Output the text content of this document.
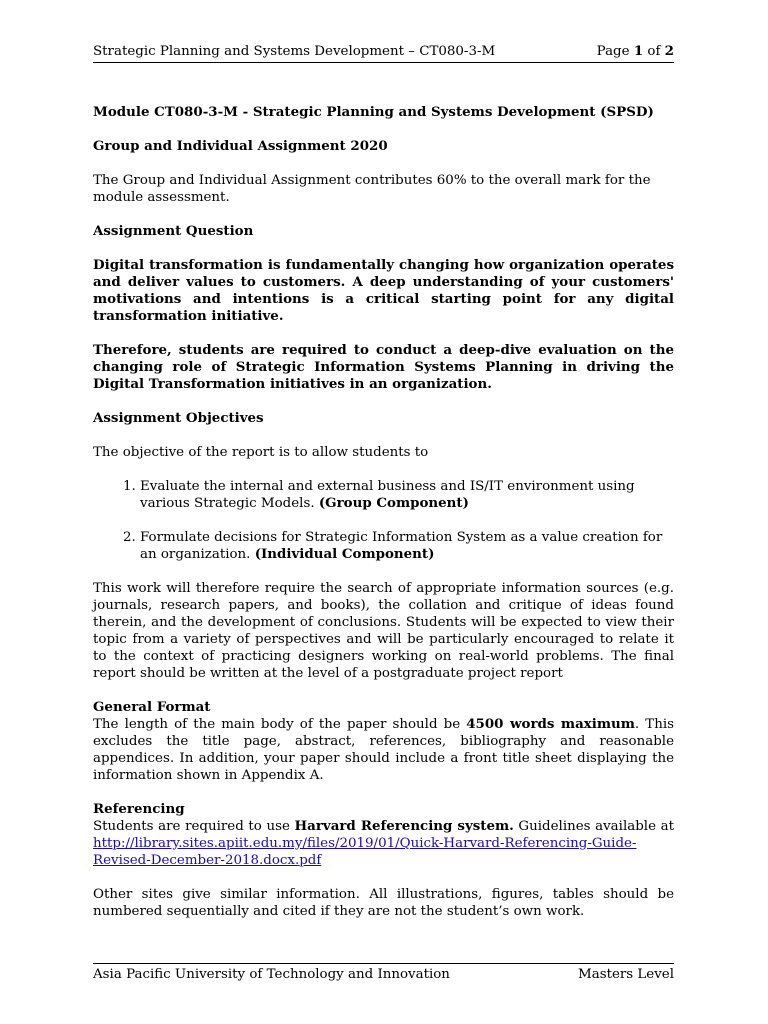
Strategic Planning and Systems Development – CT080-3-M	Page 1 of 2

Module CT080-3-M - Strategic Planning and Systems Development (SPSD)

Group and Individual Assignment 2020

The Group and Individual Assignment contributes 60% to the overall mark for the module assessment.

Assignment Question

Digital transformation is fundamentally changing how organization operates and deliver values to customers. A deep understanding of your customers' motivations and intentions is a critical starting point for any digital transformation initiative.

Therefore, students are required to conduct a deep-dive evaluation on the changing role of Strategic Information Systems Planning in driving the Digital Transformation initiatives in an organization.

Assignment Objectives

The objective of the report is to allow students to

1. Evaluate the internal and external business and IS/IT environment using various Strategic Models. (Group Component)
2. Formulate decisions for Strategic Information System as a value creation for an organization. (Individual Component)

This work will therefore require the search of appropriate information sources (e.g. journals, research papers, and books), the collation and critique of ideas found therein, and the development of conclusions. Students will be expected to view their topic from a variety of perspectives and will be particularly encouraged to relate it to the context of practicing designers working on real-world problems. The final report should be written at the level of a postgraduate project report

General Format

The length of the main body of the paper should be 4500 words maximum. This excludes the title page, abstract, references, bibliography and reasonable appendices. In addition, your paper should include a front title sheet displaying the information shown in Appendix A.

Referencing

Students are required to use Harvard Referencing system. Guidelines available at http://library.sites.apiit.edu.my/files/2019/01/Quick-Harvard-Referencing-Guide-Revised-December-2018.docx.pdf

Other sites give similar information. All illustrations, figures, tables should be numbered sequentially and cited if they are not the student’s own work.

Asia Pacific University of Technology and Innovation	Masters Level
